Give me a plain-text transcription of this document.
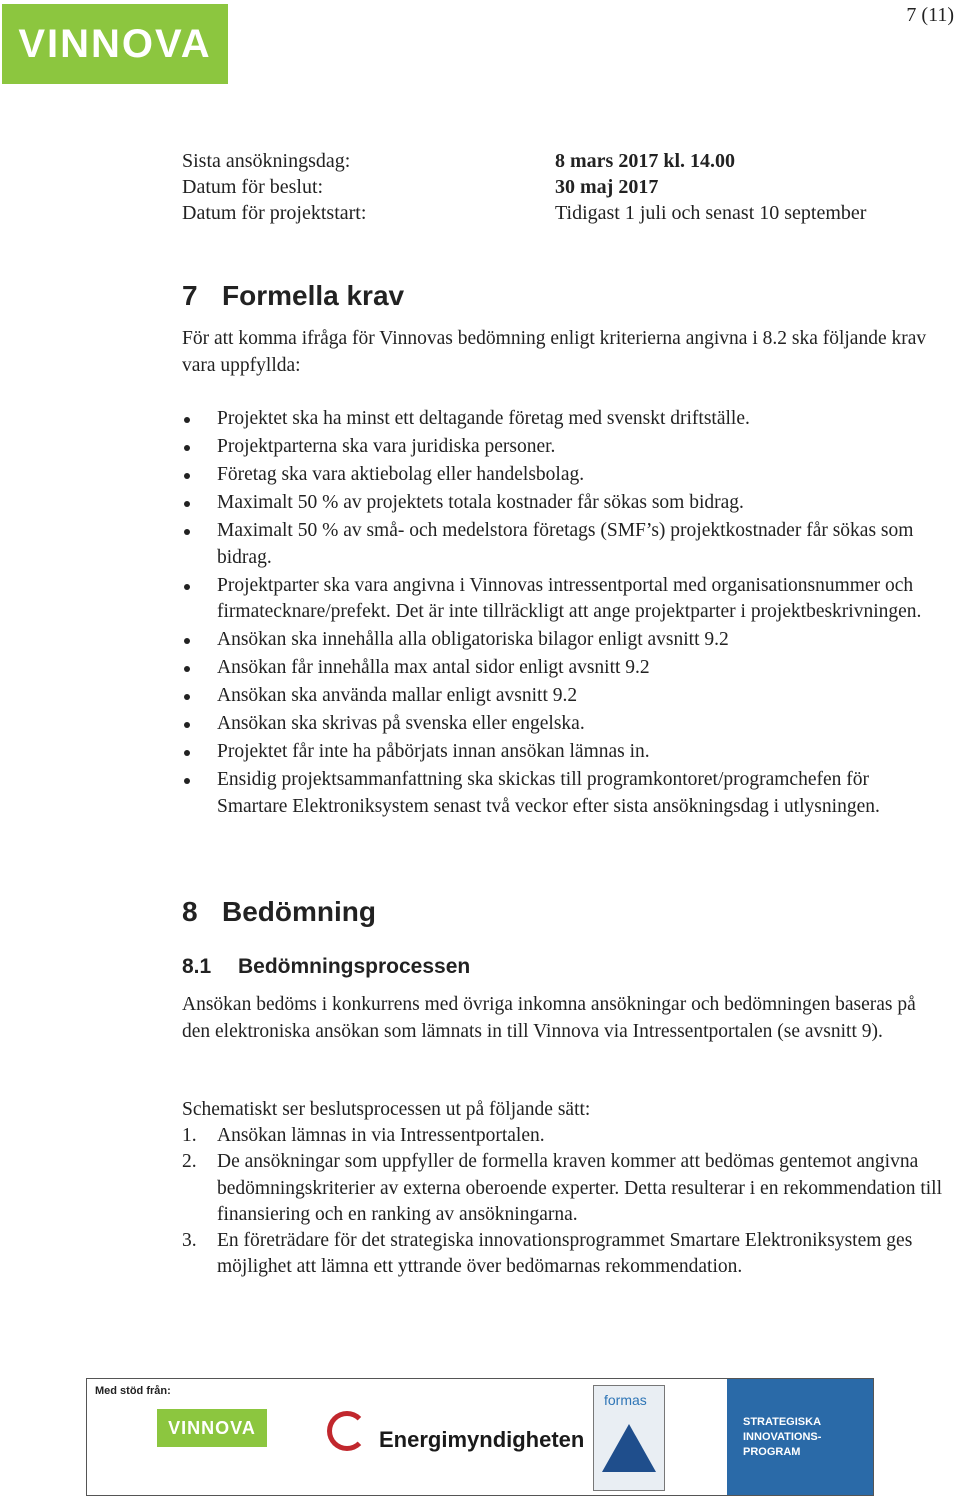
VINNOVA
7 (11)
Sista ansökningsdag:	8 mars 2017 kl. 14.00
Datum för beslut:	30 maj 2017
Datum för projektstart:	Tidigast 1 juli och senast 10 september
7 Formella krav

För att komma ifråga för Vinnovas bedömning enligt kriterierna angivna i 8.2 ska följande krav vara uppfyllda:

Projektet ska ha minst ett deltagande företag med svenskt driftställe.
Projektparterna ska vara juridiska personer.
Företag ska vara aktiebolag eller handelsbolag.
Maximalt 50 % av projektets totala kostnader får sökas som bidrag.
Maximalt 50 % av små- och medelstora företags (SMF’s) projektkostnader får sökas som bidrag.
Projektparter ska vara angivna i Vinnovas intressentportal med organisationsnummer och firmatecknare/prefekt. Det är inte tillräckligt att ange projektparter i projektbeskrivningen.
Ansökan ska innehålla alla obligatoriska bilagor enligt avsnitt 9.2
Ansökan får innehålla max antal sidor enligt avsnitt 9.2
Ansökan ska använda mallar enligt avsnitt 9.2
Ansökan ska skrivas på svenska eller engelska.
Projektet får inte ha påbörjats innan ansökan lämnas in.
Ensidig projektsammanfattning ska skickas till programkontoret/programchefen för Smartare Elektroniksystem senast två veckor efter sista ansökningsdag i utlysningen.
8 Bedömning
8.1 Bedömningsprocessen

Ansökan bedöms i konkurrens med övriga inkomna ansökningar och bedömningen baseras på den elektroniska ansökan som lämnats in till Vinnova via Intressentportalen (se avsnitt 9).

Schematiskt ser beslutsprocessen ut på följande sätt:

1. Ansökan lämnas in via Intressentportalen.
2. De ansökningar som uppfyller de formella kraven kommer att bedömas gentemot angivna bedömningskriterier av externa oberoende experter. Detta resulterar i en rekommendation till finansiering och en ranking av ansökningarna.
3. En företrädare för det strategiska innovationsprogrammet Smartare Elektroniksystem ges möjlighet att lämna ett yttrande över bedömarnas rekommendation.
Med stöd från:
VINNOVA	Energimyndigheten
formas
STRATEGISKA
INNOVATIONS-
PROGRAM
